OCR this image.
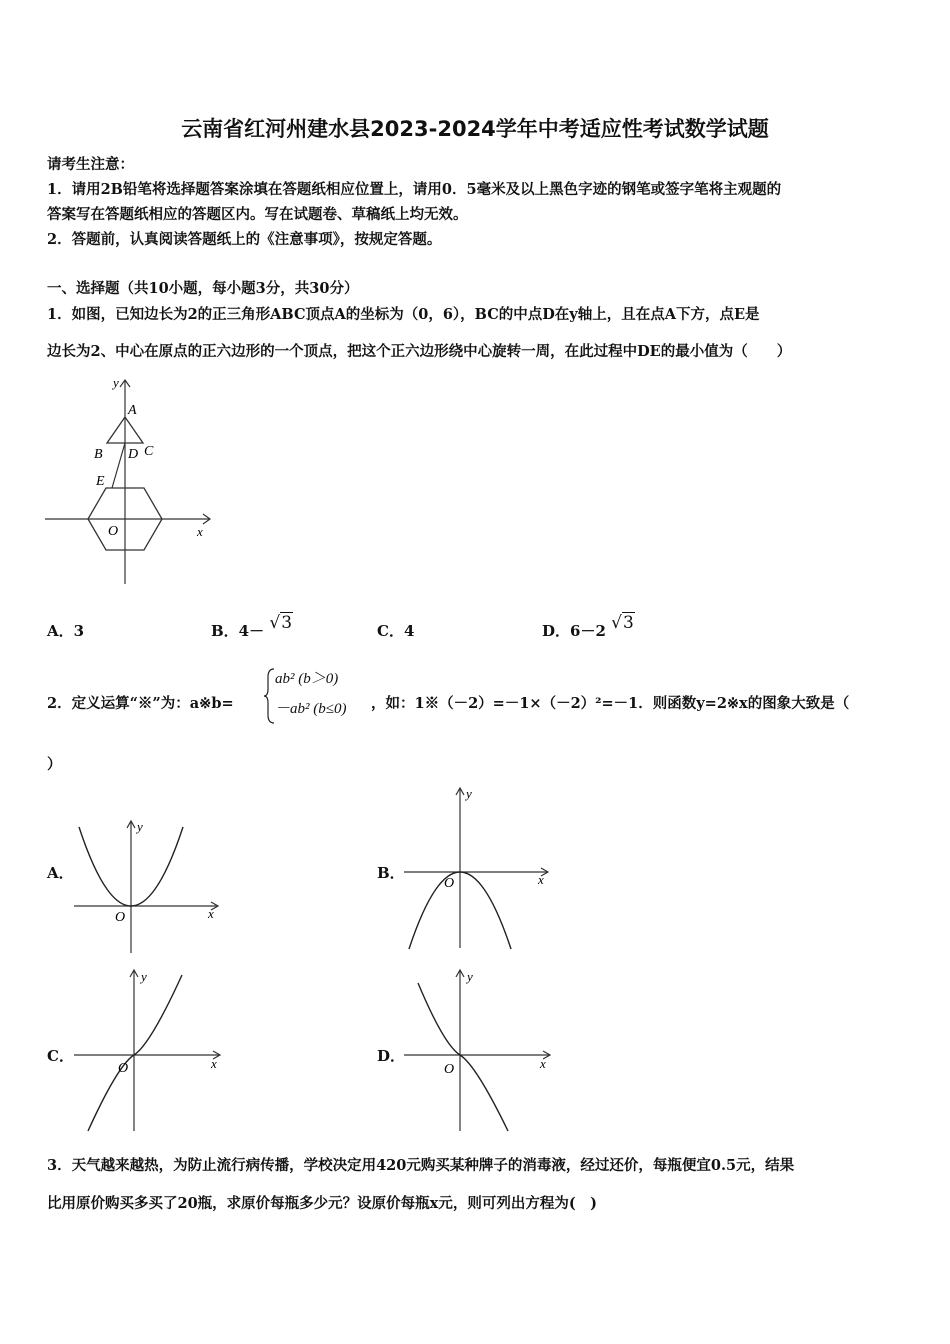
云南省红河州建水县2023-2024学年中考适应性考试数学试题
请考生注意：
1．请用2B铅笔将选择题答案涂填在答题纸相应位置上，请用0．5毫米及以上黑色字迹的钢笔或签字笔将主观题的
答案写在答题纸相应的答题区内。写在试题卷、草稿纸上均无效。
2．答题前，认真阅读答题纸上的《注意事项》，按规定答题。
一、选择题（共10小题，每小题3分，共30分）
1．如图，已知边长为2的正三角形ABC顶点A的坐标为（0，6），BC的中点D在y轴上，且在点A下方，点E是
边长为2、中心在原点的正六边形的一个顶点，把这个正六边形绕中心旋转一周，在此过程中DE的最小值为（　　）
y
A
B D C
E
O	x
A．3	B．4－ √3	C．4	D．6－2 √3
2．定义运算“※”为：a※b=
ab² (b＞0)
－ab² (b≤0) ，如：1※（－2）=－1×（－2）²=－1．则函数y=2※x的图象大致是（
）
A．
y
O	x
B．
y
O	x
C．
y
O	x	D．
y
O	x
3．天气越来越热，为防止流行病传播，学校决定用420元购买某种牌子的消毒液，经过还价，每瓶便宜0.5元，结果
比用原价购买多买了20瓶，求原价每瓶多少元？设原价每瓶x元，则可列出方程为(　)
